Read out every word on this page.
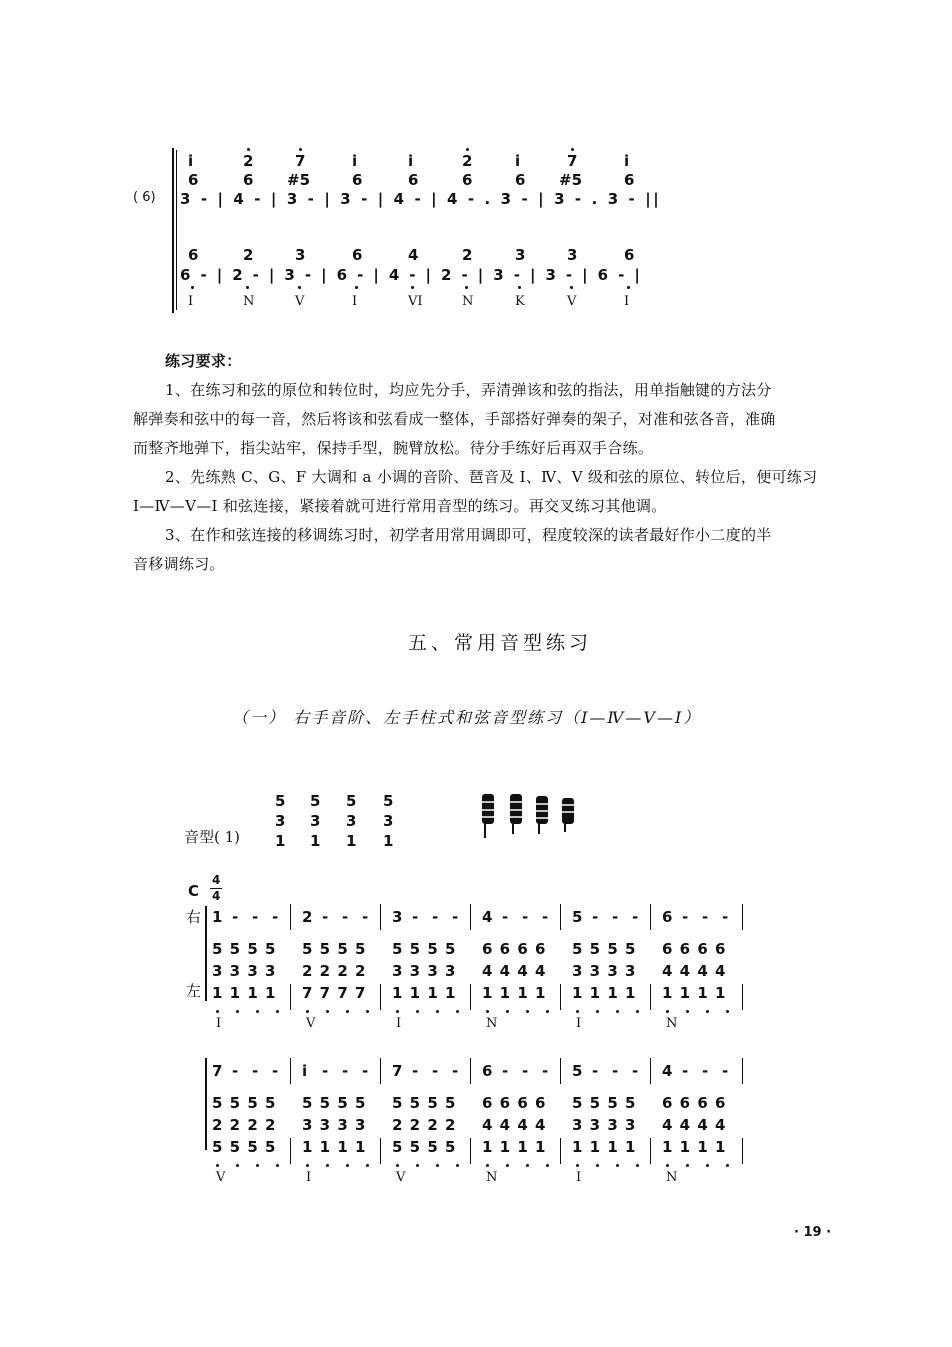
( 6)
i	2	7	i	i	2	i	7	i
6	6 #5	6	6	6	6 #5	6
3 - | 4 - | 3 - | 3 - | 4 - | 4 - . 3 - | 3 - . 3 - ||
6	2	3	6	4	2	3	3	6
6 - | 2 - | 3 - | 6 - | 4 - | 2 - | 3 - | 3 - | 6 - |
I	N	V	I	VI	N	K	V	I
练习要求：
1、在练习和弦的原位和转位时，均应先分手，弄清弹该和弦的指法，用单指触键的方法分
解弹奏和弦中的每一音，然后将该和弦看成一整体，手部搭好弹奏的架子，对准和弦各音，准确
而整齐地弹下，指尖站牢，保持手型，腕臂放松。待分手练好后再双手合练。
2、先练熟 C、G、F 大调和 a 小调的音阶、琶音及 Ⅰ、Ⅳ、Ⅴ 级和弦的原位、转位后，便可练习
Ⅰ—Ⅳ—Ⅴ—Ⅰ 和弦连接，紧接着就可进行常用音型的练习。再交叉练习其他调。
3、在作和弦连接的移调练习时，初学者用常用调即可，程度较深的读者最好作小二度的半
音移调练习。
五、常用音型练习
（一） 右手音阶、左手柱式和弦音型练习（Ⅰ—Ⅳ—Ⅴ—Ⅰ）
音型( 1)
5 5 5 5
3 3 3 3
1 1 1 1
C
4
4
右
左
1 - - - 2 - - - 3 - - - 4 - - - 5 - - - 6 - - -
5 5 5 5 5 5 5 5 5 5 5 5 6 6 6 6 5 5 5 5 6 6 6 6
3 3 3 3 2 2 2 2 3 3 3 3 4 4 4 4 3 3 3 3 4 4 4 4
1 1 1 1 7 7 7 7 1 1 1 1 1 1 1 1 1 1 1 1 1 1 1 1
I	V	I	N	I	N
7 - - - i - - - 7 - - - 6 - - - 5 - - - 4 - - -
5 5 5 5 5 5 5 5 5 5 5 5 6 6 6 6 5 5 5 5 6 6 6 6
2 2 2 2 3 3 3 3 2 2 2 2 4 4 4 4 3 3 3 3 4 4 4 4
5 5 5 5 1 1 1 1 5 5 5 5 1 1 1 1 1 1 1 1 1 1 1 1
V	I	V	N	I	N
· 19 ·
